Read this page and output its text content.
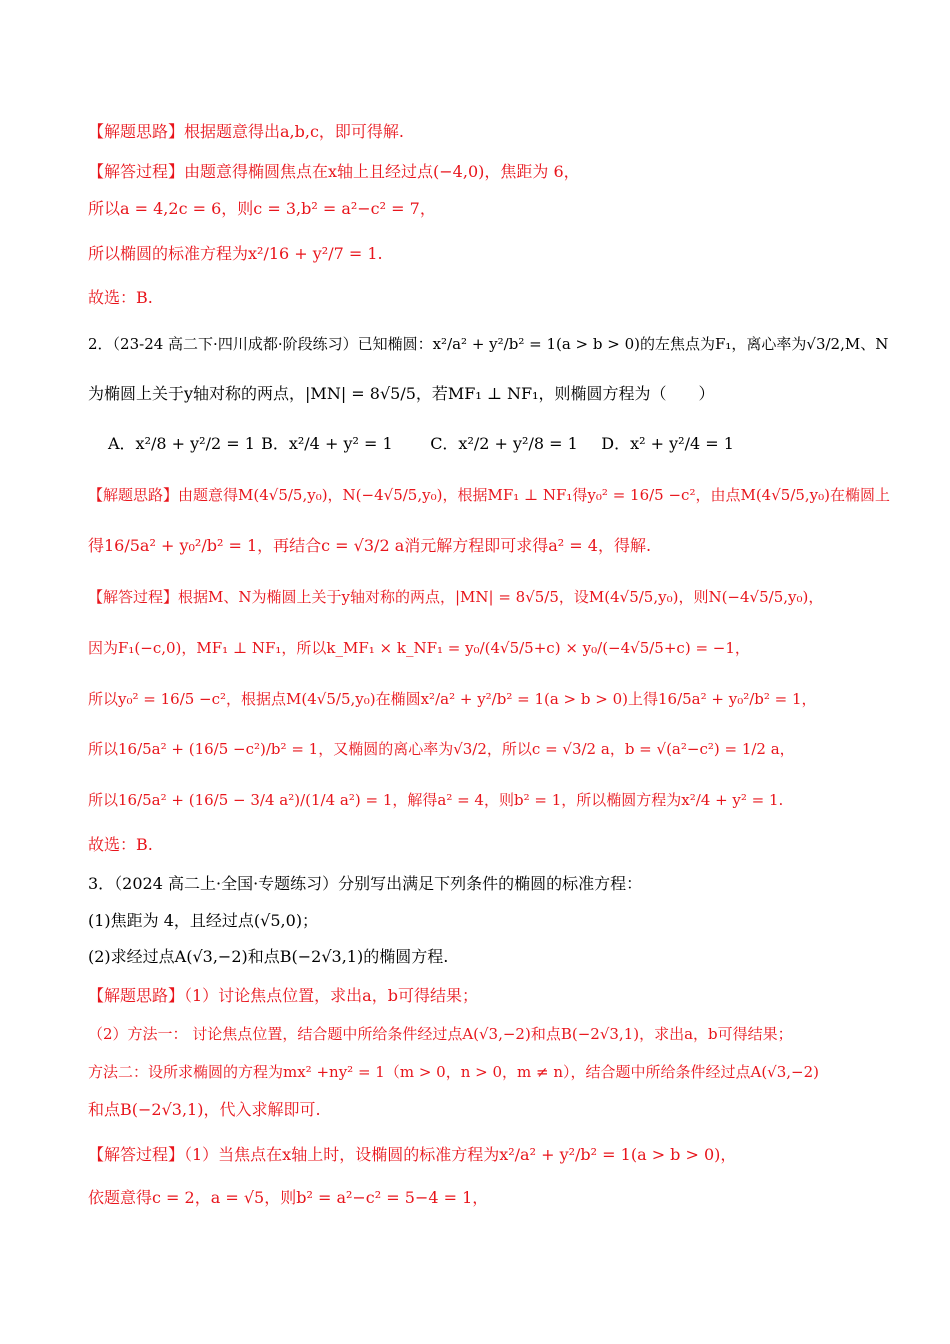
【解题思路】根据题意得出a,b,c，即可得解.
【解答过程】由题意得椭圆焦点在x轴上且经过点(−4,0)，焦距为 6，
所以a = 4,2c = 6，则c = 3,b² = a²−c² = 7，
所以椭圆的标准方程为x²/16 + y²/7 = 1.
故选：B.
2．（23-24 高二下·四川成都·阶段练习）已知椭圆：x²/a² + y²/b² = 1(a > b > 0)的左焦点为F₁，离心率为√3/2,M、N
为椭圆上关于y轴对称的两点，|MN| = 8√5/5，若MF₁ ⊥ NF₁，则椭圆方程为（　　）
A．x²/8 + y²/2 = 1 B．x²/4 + y² = 1 C．x²/2 + y²/8 = 1 D．x² + y²/4 = 1
【解题思路】由题意得M(4√5/5,y₀)，N(−4√5/5,y₀)，根据MF₁ ⊥ NF₁得y₀² = 16/5 −c²，由点M(4√5/5,y₀)在椭圆上
得16/5a² + y₀²/b² = 1，再结合c = √3/2 a消元解方程即可求得a² = 4，得解.
【解答过程】根据M、N为椭圆上关于y轴对称的两点，|MN| = 8√5/5，设M(4√5/5,y₀)，则N(−4√5/5,y₀)，
因为F₁(−c,0)，MF₁ ⊥ NF₁，所以k_MF₁ × k_NF₁ = y₀/(4√5/5+c) × y₀/(−4√5/5+c) = −1，
所以y₀² = 16/5 −c²，根据点M(4√5/5,y₀)在椭圆x²/a² + y²/b² = 1(a > b > 0)上得16/5a² + y₀²/b² = 1，
所以16/5a² + (16/5 −c²)/b² = 1，又椭圆的离心率为√3/2，所以c = √3/2 a，b = √(a²−c²) = 1/2 a，
所以16/5a² + (16/5 − 3/4 a²)/(1/4 a²) = 1，解得a² = 4，则b² = 1，所以椭圆方程为x²/4 + y² = 1.
故选：B.
3．（2024 高二上·全国·专题练习）分别写出满足下列条件的椭圆的标准方程：
(1)焦距为 4，且经过点(√5,0)；
(2)求经过点A(√3,−2)和点B(−2√3,1)的椭圆方程.
【解题思路】（1）讨论焦点位置，求出a，b可得结果；
（2）方法一： 讨论焦点位置，结合题中所给条件经过点A(√3,−2)和点B(−2√3,1)，求出a，b可得结果；
方法二：设所求椭圆的方程为mx² +ny² = 1（m > 0，n > 0，m ≠ n），结合题中所给条件经过点A(√3,−2)
和点B(−2√3,1)，代入求解即可.
【解答过程】（1）当焦点在x轴上时，设椭圆的标准方程为x²/a² + y²/b² = 1(a > b > 0)，
依题意得c = 2，a = √5，则b² = a²−c² = 5−4 = 1，
